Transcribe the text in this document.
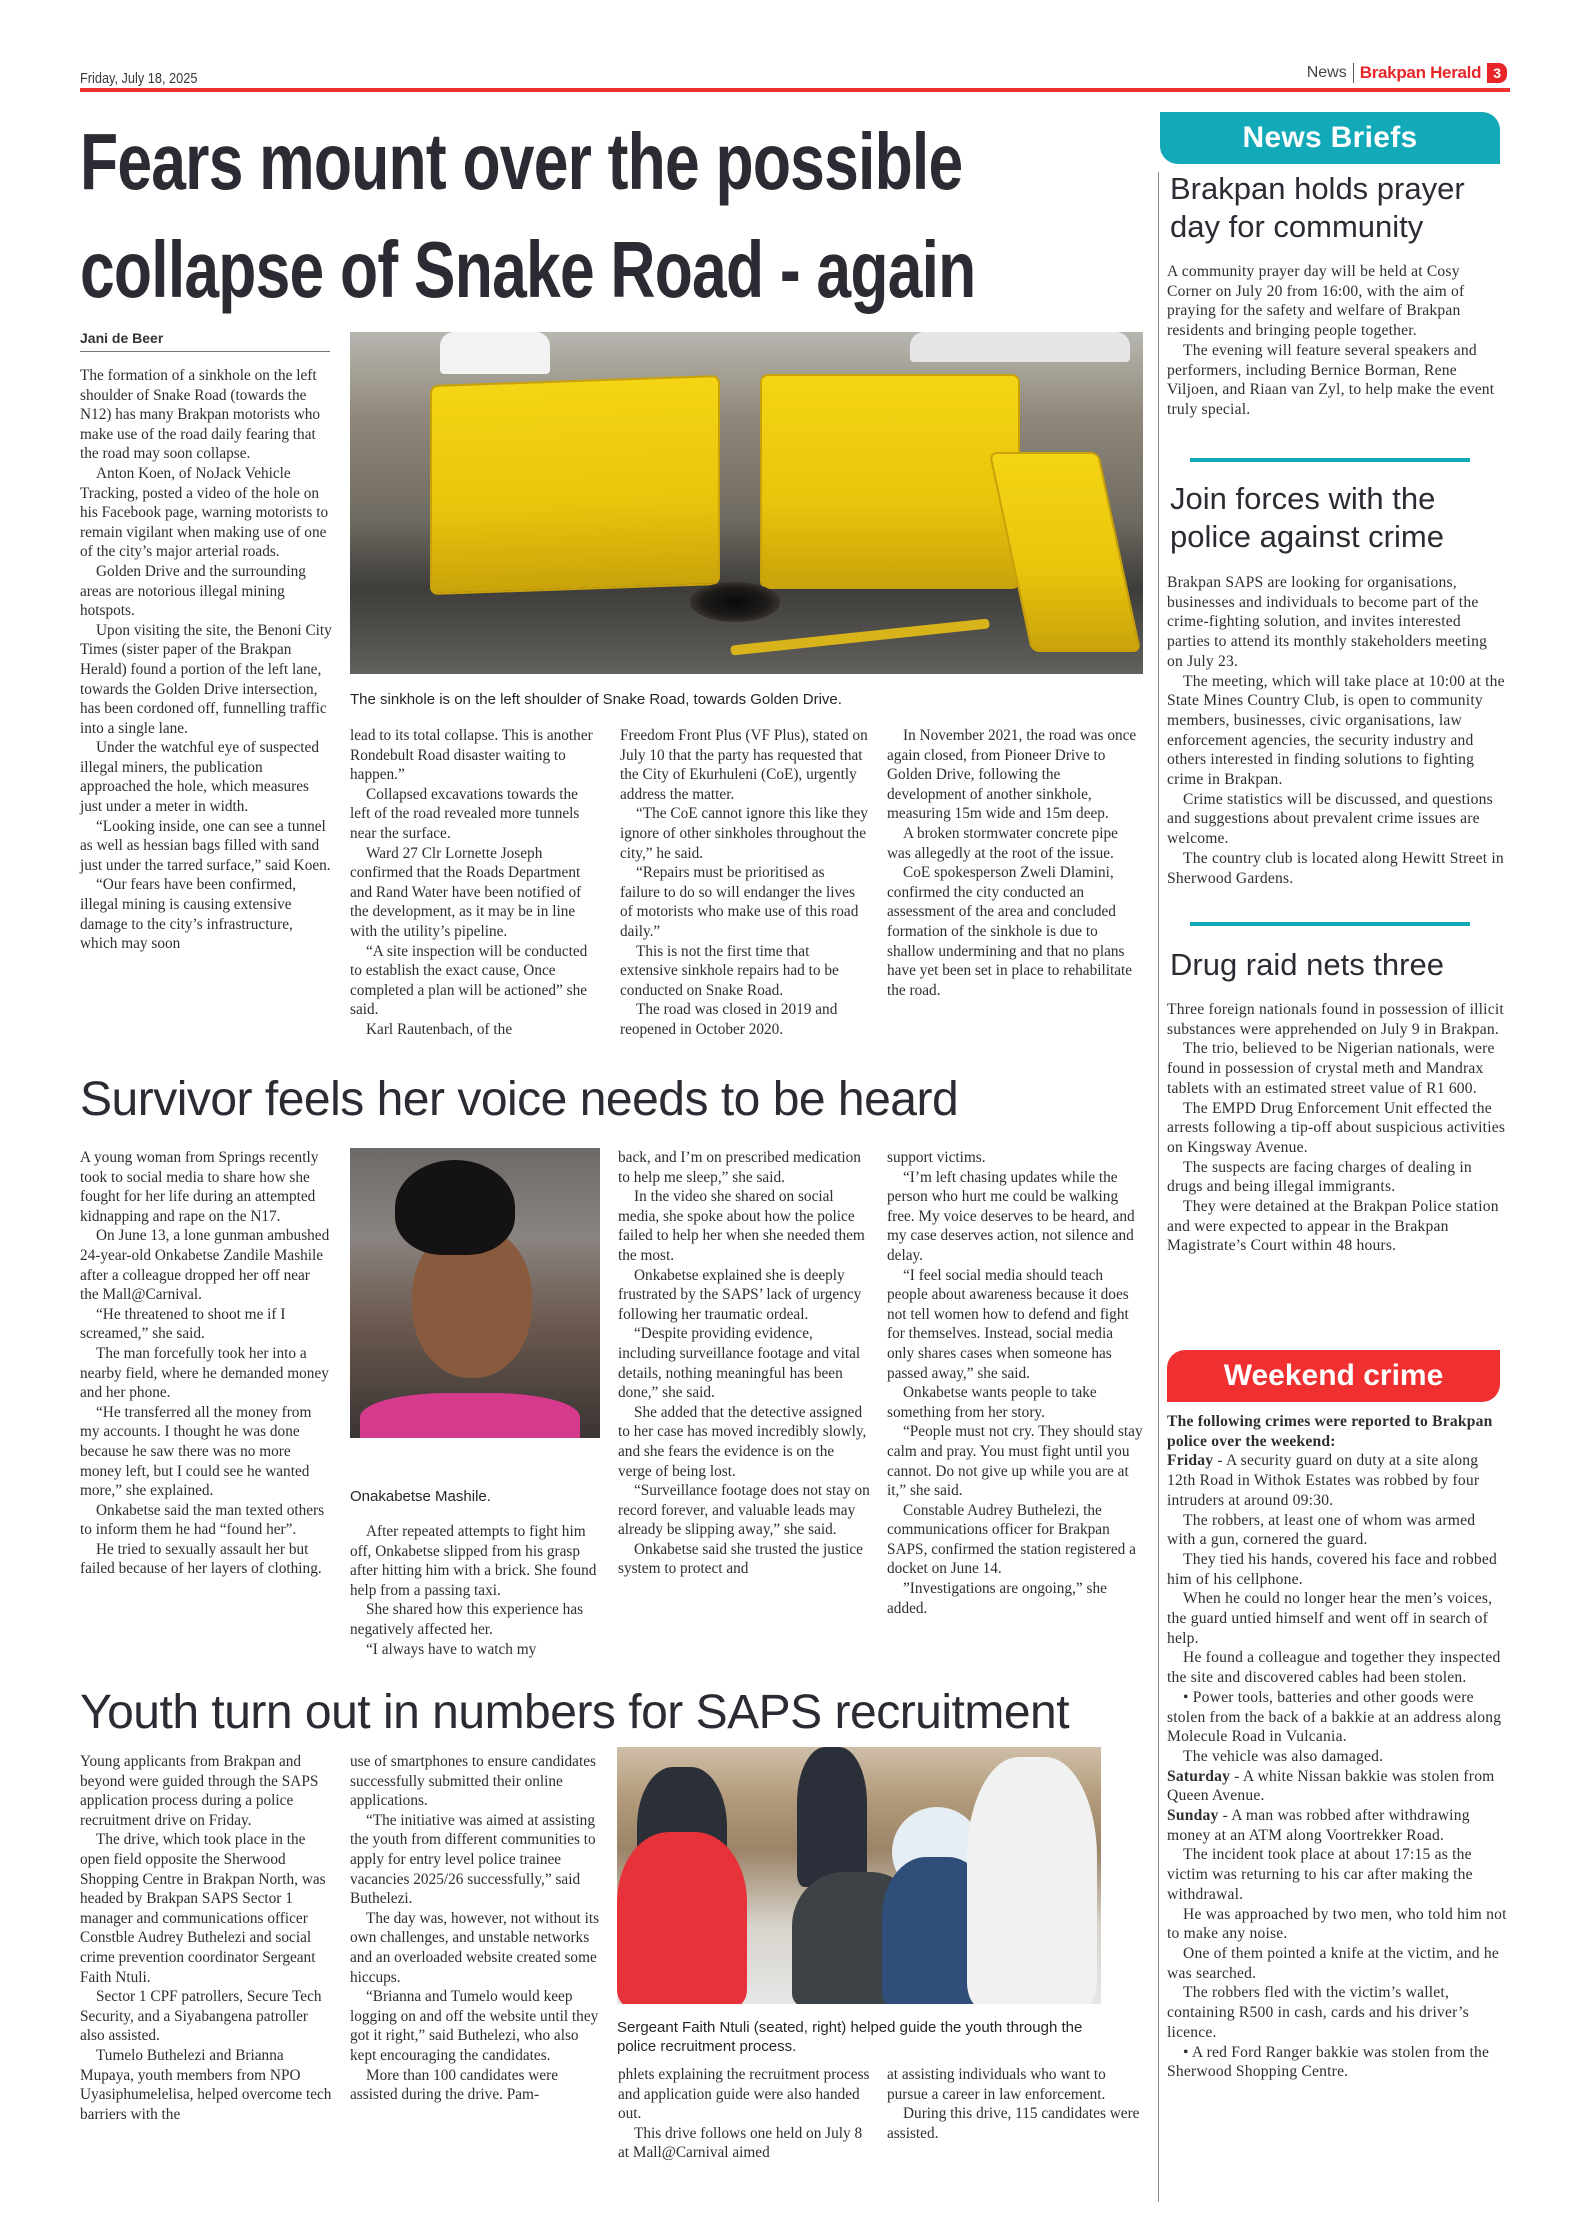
Friday, July 18, 2025	News Brakpan Herald 3
Fears mount over the possible
collapse of Snake Road - again
Jani de Beer

The formation of a sinkhole on the left shoulder of Snake Road (towards the N12) has many Brakpan motorists who make use of the road daily fearing that the road may soon collapse.

Anton Koen, of NoJack Vehicle Tracking, posted a video of the hole on his Facebook page, warning motorists to remain vigilant when making use of one of the city’s major arterial roads.

Golden Drive and the surrounding areas are notorious illegal mining hotspots.

Upon visiting the site, the Benoni City Times (sister paper of the Brakpan Herald) found a portion of the left lane, towards the Golden Drive intersection, has been cordoned off, funnelling traffic into a single lane.

Under the watchful eye of suspected illegal miners, the publication approached the hole, which measures just under a meter in width.

“Looking inside, one can see a tunnel as well as hessian bags filled with sand just under the tarred surface,” said Koen.

“Our fears have been confirmed, illegal mining is causing extensive damage to the city’s infrastructure, which may soon

The sinkhole is on the left shoulder of Snake Road, towards Golden Drive.

lead to its total collapse. This is another Rondebult Road disaster waiting to happen.”

Collapsed excavations towards the left of the road revealed more tunnels near the surface.

Ward 27 Clr Lornette Joseph confirmed that the Roads Department and Rand Water have been notified of the development, as it may be in line with the utility’s pipeline.

“A site inspection will be conducted to establish the exact cause, Once completed a plan will be actioned” she said.

Karl Rautenbach, of the

Freedom Front Plus (VF Plus), stated on July 10 that the party has requested that the City of Ekurhuleni (CoE), urgently address the matter.

“The CoE cannot ignore this like they ignore of other sinkholes throughout the city,” he said.

“Repairs must be prioritised as failure to do so will endanger the lives of motorists who make use of this road daily.”

This is not the first time that extensive sinkhole repairs had to be conducted on Snake Road.

The road was closed in 2019 and reopened in October 2020.

In November 2021, the road was once again closed, from Pioneer Drive to Golden Drive, following the development of another sinkhole, measuring 15m wide and 15m deep.

A broken stormwater concrete pipe was allegedly at the root of the issue.

CoE spokesperson Zweli Dlamini, confirmed the city conducted an assessment of the area and concluded formation of the sinkhole is due to shallow undermining and that no plans have yet been set in place to rehabilitate the road.

Survivor feels her voice needs to be heard

A young woman from Springs recently took to social media to share how she fought for her life during an attempted kidnapping and rape on the N17.

On June 13, a lone gunman ambushed 24-year-old Onkabetse Zandile Mashile after a colleague dropped her off near the Mall@Carnival.

“He threatened to shoot me if I screamed,” she said.

The man forcefully took her into a nearby field, where he demanded money and her phone.

“He transferred all the money from my accounts. I thought he was done because he saw there was no more money left, but I could see he wanted more,” she explained.

Onkabetse said the man texted others to inform them he had “found her”.

He tried to sexually assault her but failed because of her layers of clothing.

Onakabetse Mashile.

After repeated attempts to fight him off, Onkabetse slipped from his grasp after hitting him with a brick. She found help from a passing taxi.

She shared how this experience has negatively affected her.

“I always have to watch my

back, and I’m on prescribed medication to help me sleep,” she said.

In the video she shared on social media, she spoke about how the police failed to help her when she needed them the most.

Onkabetse explained she is deeply frustrated by the SAPS’ lack of urgency following her traumatic ordeal.

“Despite providing evidence, including surveillance footage and vital details, nothing meaningful has been done,” she said.

She added that the detective assigned to her case has moved incredibly slowly, and she fears the evidence is on the verge of being lost.

“Surveillance footage does not stay on record forever, and valuable leads may already be slipping away,” she said.

Onkabetse said she trusted the justice system to protect and

support victims.

“I’m left chasing updates while the person who hurt me could be walking free. My voice deserves to be heard, and my case deserves action, not silence and delay.

“I feel social media should teach people about awareness because it does not tell women how to defend and fight for themselves. Instead, social media only shares cases when someone has passed away,” she said.

Onkabetse wants people to take something from her story.

“People must not cry. They should stay calm and pray. You must fight until you cannot. Do not give up while you are at it,” she said.

Constable Audrey Buthelezi, the communications officer for Brakpan SAPS, confirmed the station registered a docket on June 14.

”Investigations are ongoing,” she added.

Youth turn out in numbers for SAPS recruitment

Young applicants from Brakpan and beyond were guided through the SAPS application process during a police recruitment drive on Friday.

The drive, which took place in the open field opposite the Sherwood Shopping Centre in Brakpan North, was headed by Brakpan SAPS Sector 1 manager and communications officer Constble Audrey Buthelezi and social crime prevention coordinator Sergeant Faith Ntuli.

Sector 1 CPF patrollers, Secure Tech Security, and a Siyabangena patroller also assisted.

Tumelo Buthelezi and Brianna Mupaya, youth members from NPO Uyasiphumelelisa, helped overcome tech barriers with the

use of smartphones to ensure candidates successfully submitted their online applications.

“The initiative was aimed at assisting the youth from different communities to apply for entry level police trainee vacancies 2025/26 successfully,” said Buthelezi.

The day was, however, not without its own challenges, and unstable networks and an overloaded website created some hiccups.

“Brianna and Tumelo would keep logging on and off the website until they got it right,” said Buthelezi, who also kept encouraging the candidates.

More than 100 candidates were assisted during the drive. Pam-

Sergeant Faith Ntuli (seated, right) helped guide the youth through the police recruitment process.

phlets explaining the recruitment process and application guide were also handed out.

This drive follows one held on July 8 at Mall@Carnival aimed

at assisting individuals who want to pursue a career in law enforcement.

During this drive, 115 candidates were assisted.

News Briefs
Brakpan holds prayer day for community

A community prayer day will be held at Cosy Corner on July 20 from 16:00, with the aim of praying for the safety and welfare of Brakpan residents and bringing people together.

The evening will feature several speakers and performers, including Bernice Borman, Rene Viljoen, and Riaan van Zyl, to help make the event truly special.

Join forces with the police against crime

Brakpan SAPS are looking for organisations, businesses and individuals to become part of the crime-fighting solution, and invites interested parties to attend its monthly stakeholders meeting on July 23.

The meeting, which will take place at 10:00 at the State Mines Country Club, is open to community members, businesses, civic organisations, law enforcement agencies, the security industry and others interested in finding solutions to fighting crime in Brakpan.

Crime statistics will be discussed, and questions and suggestions about prevalent crime issues are welcome.

The country club is located along Hewitt Street in Sherwood Gardens.

Drug raid nets three

Three foreign nationals found in possession of illicit substances were apprehended on July 9 in Brakpan.

The trio, believed to be Nigerian nationals, were found in possession of crystal meth and Mandrax tablets with an estimated street value of R1 600.

The EMPD Drug Enforcement Unit effected the arrests following a tip-off about suspicious activities on Kingsway Avenue.

The suspects are facing charges of dealing in drugs and being illegal immigrants.

They were detained at the Brakpan Police station and were expected to appear in the Brakpan Magistrate’s Court within 48 hours.

Weekend crime

The following crimes were reported to Brakpan police over the weekend:

Friday - A security guard on duty at a site along 12th Road in Withok Estates was robbed by four intruders at around 09:30.

The robbers, at least one of whom was armed with a gun, cornered the guard.

They tied his hands, covered his face and robbed him of his cellphone.

When he could no longer hear the men’s voices, the guard untied himself and went off in search of help.

He found a colleague and together they inspected the site and discovered cables had been stolen.

• Power tools, batteries and other goods were stolen from the back of a bakkie at an address along Molecule Road in Vulcania.

The vehicle was also damaged.

Saturday - A white Nissan bakkie was stolen from Queen Avenue.

Sunday - A man was robbed after withdrawing money at an ATM along Voortrekker Road.

The incident took place at about 17:15 as the victim was returning to his car after making the withdrawal.

He was approached by two men, who told him not to make any noise.

One of them pointed a knife at the victim, and he was searched.

The robbers fled with the victim’s wallet, containing R500 in cash, cards and his driver’s licence.

• A red Ford Ranger bakkie was stolen from the Sherwood Shopping Centre.
